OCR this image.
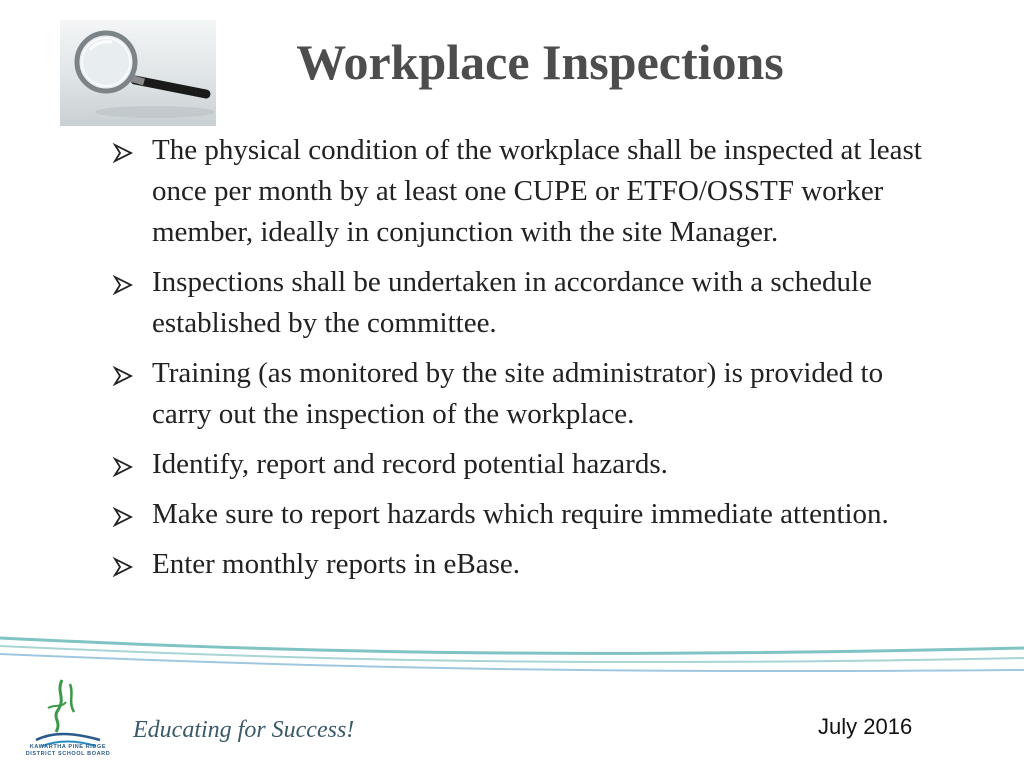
Workplace Inspections
The physical condition of the workplace shall be inspected at least once per month by at least one CUPE or ETFO/OSSTF worker member, ideally in conjunction with the site Manager.
Inspections shall be undertaken in accordance with a schedule established by the committee.
Training (as monitored by the site administrator) is provided to carry out the inspection of the workplace.
Identify, report and record potential hazards.
Make sure to report hazards which require immediate attention.
Enter monthly reports in eBase.
KAWARTHA PINE RIDGE
DISTRICT SCHOOL BOARD
Educating for Success!	July 2016
